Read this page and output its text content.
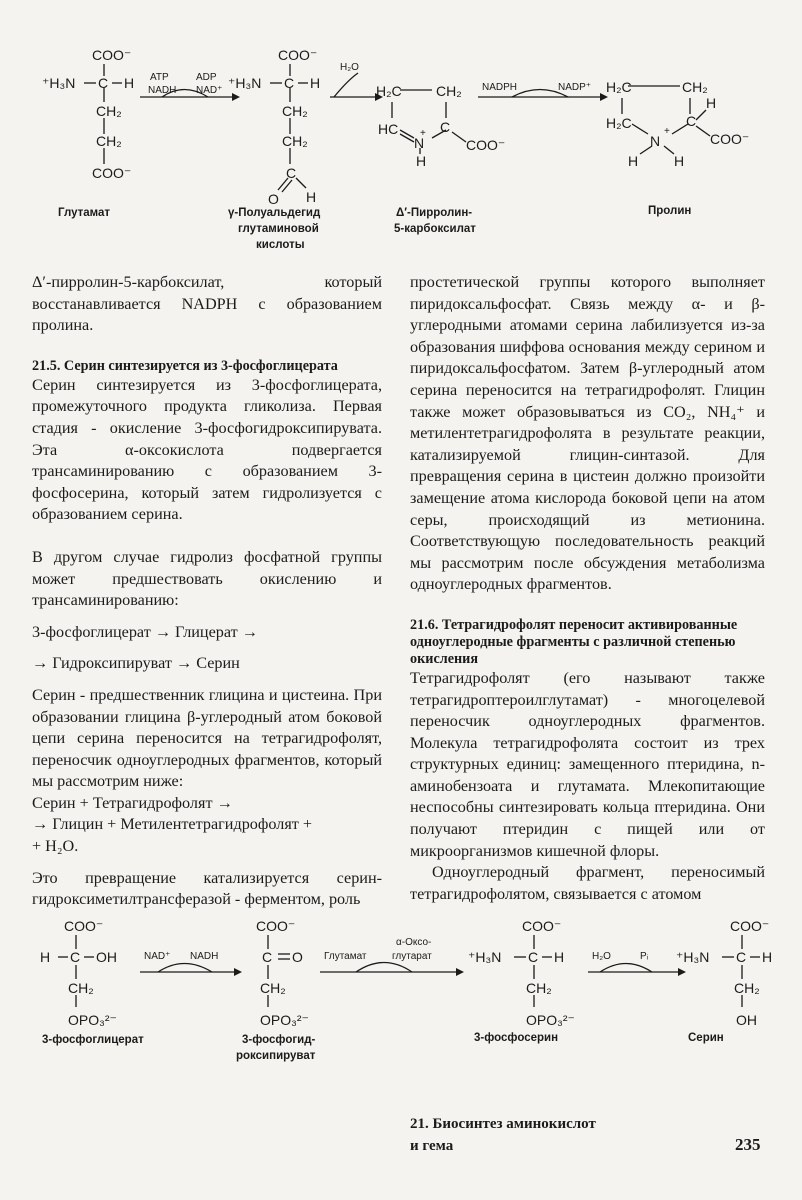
COO⁻
⁺H₃N C H
CH₂
CH₂
COO⁻
COO⁻
⁺H₃N C H
CH₂
CH₂
C
O H
H₂C CH₂
HC	C
N
+
H
COO⁻
H₂C	CH₂
H₂C	C
H
N
+	COO⁻
H	H
ATP	ADP
NADH NAD⁺
H₂O
NADPH	NADP⁺
Глутамат	γ-Полуальдегид
глутаминовой
кислоты
Δ′-Пирролин-
5-карбоксилат
Пролин

Δ′-пирролин-5-карбоксилат, который восстанавливается NADPH с образованием пролина.

21.5. Серин синтезируется из 3-фосфоглицерата

Серин синтезируется из 3-фосфоглицерата, промежуточного продукта гликолиза. Первая стадия - окисление 3-фосфогидроксипирувата. Эта α-оксокислота подвергается трансаминированию с образованием 3-фосфосерина, который затем гидролизуется с образованием серина.

В другом случае гидролиз фосфатной группы может предшествовать окислению и трансаминированию:

3-фосфоглицерат → Глицерат →

→ Гидроксипируват → Серин

Серин - предшественник глицина и цистеина. При образовании глицина β-углеродный атом боковой цепи серина переносится на тетрагидрофолят, переносчик одноуглеродных фрагментов, который мы рассмотрим ниже:

Серин + Тетрагидрофолят →

→ Глицин + Метилентетрагидрофолят +

+ H₂O.

Это превращение катализируется серин-гидроксиметилтрансферазой - ферментом, роль

простетической группы которого выполняет пиридоксальфосфат. Связь между α- и β-углеродными атомами серина лабилизуется из-за образования шиффова основания между серином и пиридоксальфосфатом. Затем β-углеродный атом серина переносится на тетрагидрофолят. Глицин также может образовываться из CO₂, NH₄⁺ и метилентетрагидрофолята в результате реакции, катализируемой глицин-синтазой. Для превращения серина в цистеин должно произойти замещение атома кислорода боковой цепи на атом серы, происходящий из метионина. Соответствующую последовательность реакций мы рассмотрим после обсуждения метаболизма одноуглеродных фрагментов.

21.6. Тетрагидрофолят переносит активированные одноуглеродные фрагменты с различной степенью окисления

Тетрагидрофолят (его называют также тетрагидроптероилглутамат) - многоцелевой переносчик одноуглеродных фрагментов. Молекула тетрагидрофолята состоит из трех структурных единиц: замещенного птеридина, n-аминобензоата и глутамата. Млекопитающие неспособны синтезировать кольца птеридина. Они получают птеридин с пищей или от микроорганизмов кишечной флоры.

Одноуглеродный фрагмент, переносимый тетрагидрофолятом, связывается с атомом

COO⁻
H C OH
CH₂
OPO₃²⁻
COO⁻
C O
CH₂
OPO₃²⁻
COO⁻
⁺H₃N C H
CH₂
OPO₃²⁻
COO⁻
⁺H₃N C H
CH₂
OH
NAD⁺ NADH	Глутамат
α-Оксо-
глутарат	H₂O	Pᵢ
3-фосфоглицерат	3-фосфогид-
роксипируват
3-фосфосерин	Серин
21. Биосинтез аминокислот
и гема	235
